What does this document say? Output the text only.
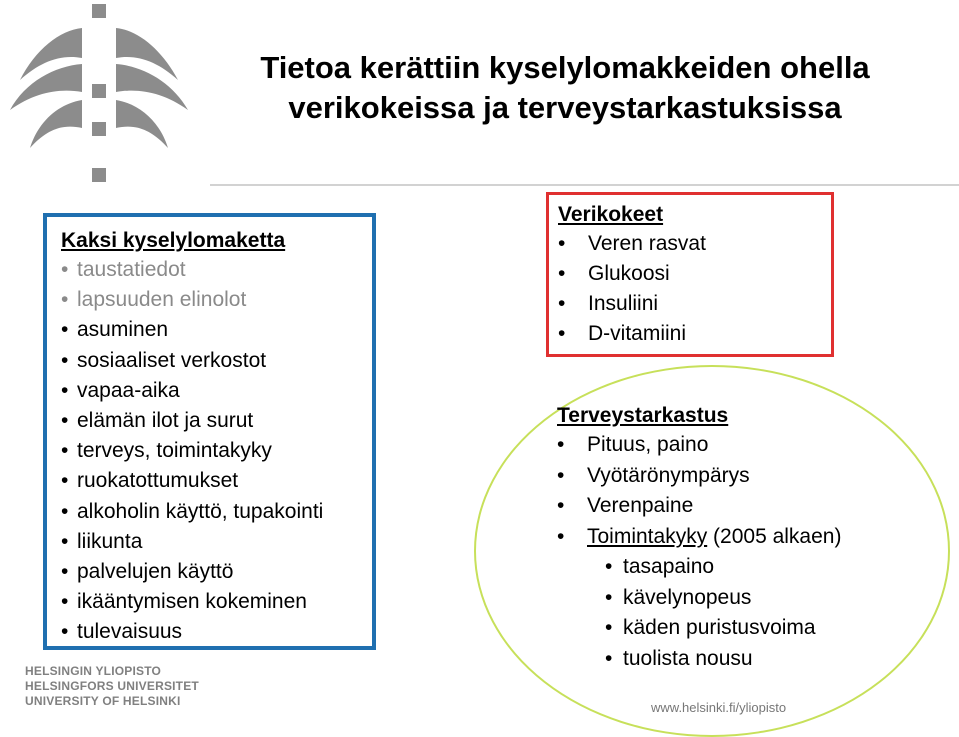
Tietoa kerättiin kyselylomakkeiden ohella
verikokeissa ja terveystarkastuksissa
Kaksi kyselylomaketta
• taustatiedot
• lapsuuden elinolot
• asuminen
• sosiaaliset verkostot
• vapaa-aika
• elämän ilot ja surut
• terveys, toimintakyky
• ruokatottumukset
• alkoholin käyttö, tupakointi
• liikunta
• palvelujen käyttö
• ikääntymisen kokeminen
• tulevaisuus
Verikokeet
• Veren rasvat
• Glukoosi
• Insuliini
• D-vitamiini
Terveystarkastus
• Pituus, paino
• Vyötärönympärys
• Verenpaine
• Toimintakyky (2005 alkaen)
• tasapaino
• kävelynopeus
• käden puristusvoima
• tuolista nousu
HELSINGIN YLIOPISTO
HELSINGFORS UNIVERSITET
UNIVERSITY OF HELSINKI	www.helsinki.fi/yliopisto
